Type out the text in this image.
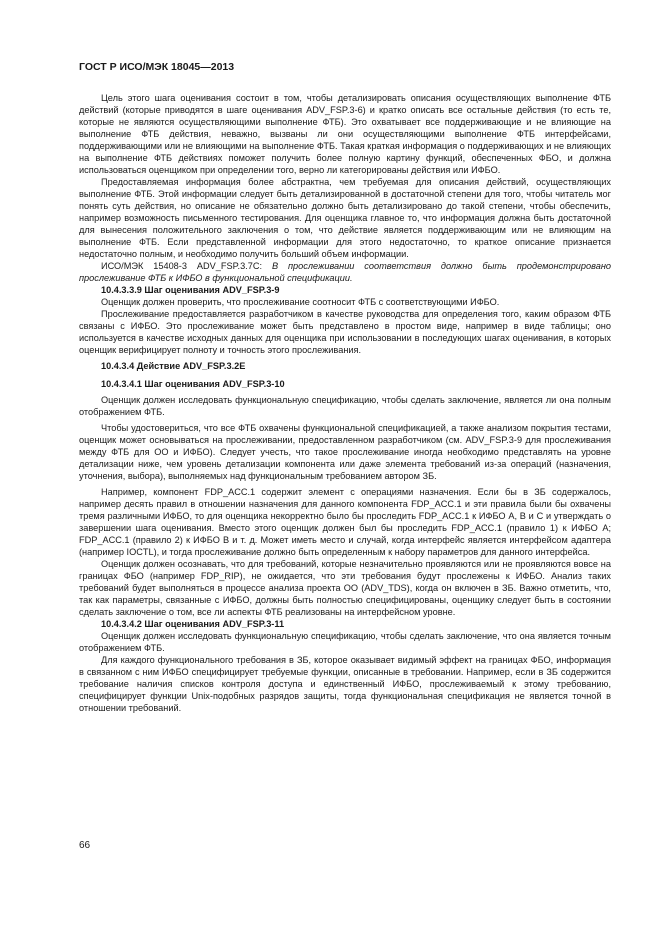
ГОСТ Р ИСО/МЭК 18045—2013

Цель этого шага оценивания состоит в том, чтобы детализировать описания осуществляющих выполнение ФТБ действий (которые приводятся в шаге оценивания ADV_FSP.3-6) и кратко описать все остальные действия (то есть те, которые не являются осуществляющими выполнение ФТБ). Это охватывает все поддерживающие и не влияющие на выполнение ФТБ действия, неважно, вызваны ли они осуществляющими выполнение ФТБ интерфейсами, поддерживающими или не влияющими на выполнение ФТБ. Такая краткая информация о поддерживающих и не влияющих на выполнение ФТБ действиях поможет получить более полную картину функций, обеспеченных ФБО, и должна использоваться оценщиком при определении того, верно ли категорированы действия или ИФБО.

Предоставляемая информация более абстрактна, чем требуемая для описания действий, осуществляющих выполнение ФТБ. Этой информации следует быть детализированной в достаточной степени для того, чтобы читатель мог понять суть действия, но описание не обязательно должно быть детализировано до такой степени, чтобы обеспечить, например возможность письменного тестирования. Для оценщика главное то, что информация должна быть достаточной для вынесения положительного заключения о том, что действие является поддерживающим или не влияющим на выполнение ФТБ. Если представленной информации для этого недостаточно, то краткое описание признается недостаточно полным, и необходимо получить больший объем информации.

ИСО/МЭК 15408-3 ADV_FSP.3.7C: В прослеживании соответствия должно быть продемонстрировано прослеживание ФТБ к ИФБО в функциональной спецификации.

10.4.3.3.9 Шаг оценивания ADV_FSP.3-9

Оценщик должен проверить, что прослеживание соотносит ФТБ с соответствующими ИФБО.

Прослеживание предоставляется разработчиком в качестве руководства для определения того, каким образом ФТБ связаны с ИФБО. Это прослеживание может быть представлено в простом виде, например в виде таблицы; оно используется в качестве исходных данных для оценщика при использовании в последующих шагах оценивания, в которых оценщик верифицирует полноту и точность этого прослеживания.

10.4.3.4 Действие ADV_FSP.3.2E
10.4.3.4.1 Шаг оценивания ADV_FSP.3-10

Оценщик должен исследовать функциональную спецификацию, чтобы сделать заключение, является ли она полным отображением ФТБ.

Чтобы удостовериться, что все ФТБ охвачены функциональной спецификацией, а также анализом покрытия тестами, оценщик может основываться на прослеживании, предоставленном разработчиком (см. ADV_FSP.3-9 для прослеживания между ФТБ для ОО и ИФБО). Следует учесть, что такое прослеживание иногда необходимо представлять на уровне детализации ниже, чем уровень детализации компонента или даже элемента требований из-за операций (назначения, уточнения, выбора), выполняемых над функциональным требованием автором ЗБ.

Например, компонент FDP_ACC.1 содержит элемент с операциями назначения. Если бы в ЗБ содержалось, например десять правил в отношении назначения для данного компонента FDP_ACC.1 и эти правила были бы охвачены тремя различными ИФБО, то для оценщика некорректно было бы проследить FDP_ACC.1 к ИФБО А, В и С и утверждать о завершении шага оценивания. Вместо этого оценщик должен был бы проследить FDP_ACC.1 (правило 1) к ИФБО А; FDP_ACC.1 (правило 2) к ИФБО В и т. д. Может иметь место и случай, когда интерфейс является интерфейсом адаптера (например IOCTL), и тогда прослеживание должно быть определенным к набору параметров для данного интерфейса.

Оценщик должен осознавать, что для требований, которые незначительно проявляются или не проявляются вовсе на границах ФБО (например FDP_RIP), не ожидается, что эти требования будут прослежены к ИФБО. Анализ таких требований будет выполняться в процессе анализа проекта ОО (ADV_TDS), когда он включен в ЗБ. Важно отметить, что, так как параметры, связанные с ИФБО, должны быть полностью специфицированы, оценщику следует быть в состоянии сделать заключение о том, все ли аспекты ФТБ реализованы на интерфейсном уровне.

10.4.3.4.2 Шаг оценивания ADV_FSP.3-11

Оценщик должен исследовать функциональную спецификацию, чтобы сделать заключение, что она является точным отображением ФТБ.

Для каждого функционального требования в ЗБ, которое оказывает видимый эффект на границах ФБО, информация в связанном с ним ИФБО специфицирует требуемые функции, описанные в требовании. Например, если в ЗБ содержится требование наличия списков контроля доступа и единственный ИФБО, прослеживаемый к этому требованию, специфицирует функции Unix-подобных разрядов защиты, тогда функциональная спецификация не является точной в отношении требований.

66
